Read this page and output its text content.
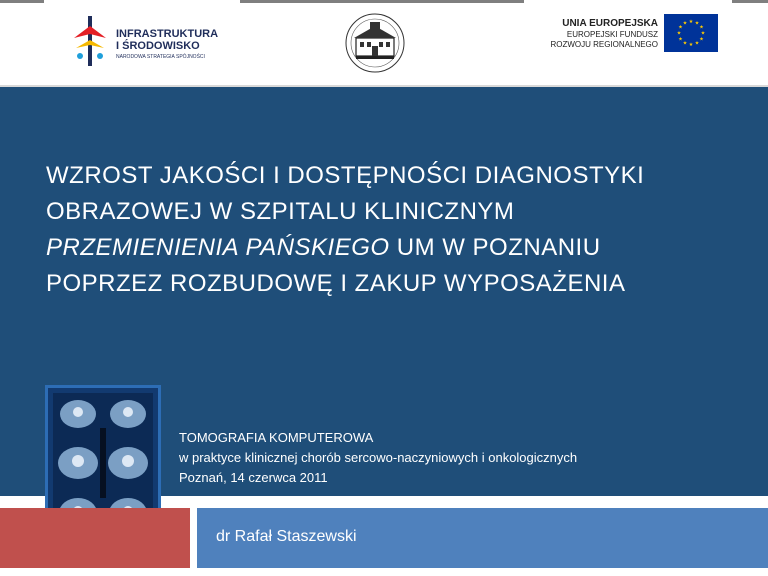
INFRASTRUKTURA
I ŚRODOWISKO
NARODOWA STRATEGIA SPÓJNOŚCI
UNIA EUROPEJSKA
EUROPEJSKI FUNDUSZ
ROZWOJU REGIONALNEGO
★ ★
★
★
★
★
★
★
★
★
★
★
WZROST JAKOŚCI I DOSTĘPNOŚCI DIAGNOSTYKI
OBRAZOWEJ W SZPITALU KLINICZNYM
PRZEMIENIENIA PAŃSKIEGO UM W POZNANIU
POPRZEZ ROZBUDOWĘ I ZAKUP WYPOSAŻENIA
TOMOGRAFIA KOMPUTEROWA
w praktyce klinicznej chorób sercowo-naczyniowych i onkologicznych
Poznań, 14 czerwca 2011
dr Rafał Staszewski
